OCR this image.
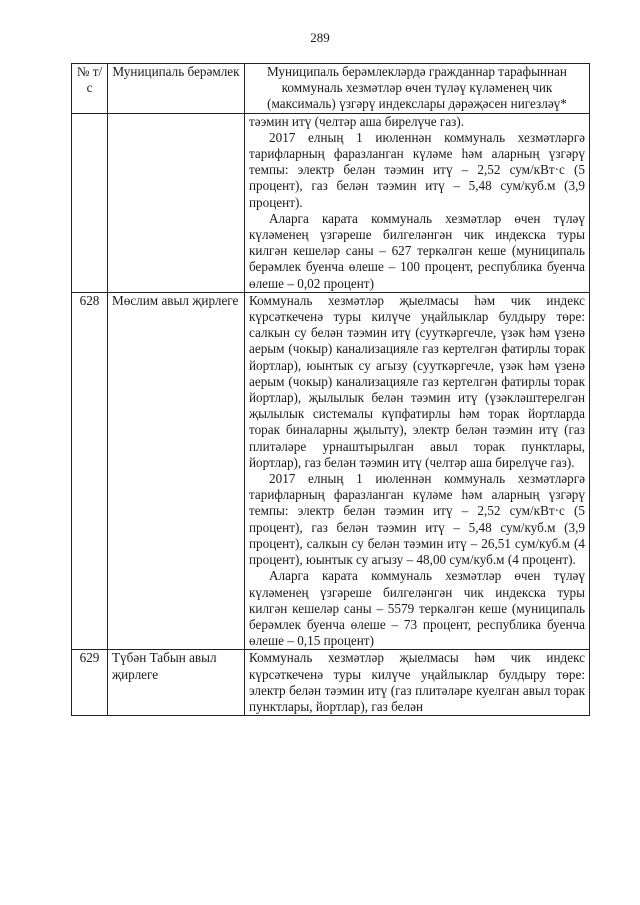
289
№ т/с	Муниципаль берәмлек	Муниципаль берәмлекләрдә гражданнар тарафыннан коммуналь хезмәтләр өчен түләү күләменең чик (максималь) үзгәрү индекслары дәрәҗәсен нигезләү*

		тәэмин итү (челтәр аша бирелүче газ).
2017 елның 1 июленнән коммуналь хезмәтләргә тарифларның фаразланган күләме һәм аларның үзгәрү темпы: электр белән тәэмин итү – 2,52 сум/кВт·с (5 процент), газ белән тәэмин итү – 5,48 сум/куб.м (3,9 процент).
Аларга карата коммуналь хезмәтләр өчен түләү күләменең үзгәреше билгеләнгән чик индекска туры килгән кешеләр саны – 627 теркәлгән кеше (муниципаль берәмлек буенча өлеше – 100 процент, республика буенча өлеше – 0,02 процент)

628	Мөслим авыл җирлеге	Коммуналь хезмәтләр җыелмасы һәм чик индекс күрсәткеченә туры килүче уңайлыклар булдыру төре: салкын су белән тәэмин итү (сууткәргечле, үзәк һәм үзенә аерым (чокыр) канализацияле газ кертелгән фатирлы торак йортлар), юынтык су агызу (сууткәргечле, үзәк һәм үзенә аерым (чокыр) канализацияле газ кертелгән фатирлы торак йортлар), җылылык белән тәэмин итү (үзәкләштерелгән җылылык системалы күпфатирлы һәм торак йортларда торак биналарны җылыту), электр белән тәэмин итү (газ плитәләре урнаштырылган авыл торак пунктлары, йортлар), газ белән тәэмин итү (челтәр аша бирелүче газ).
2017 елның 1 июленнән коммуналь хезмәтләргә тарифларның фаразланган күләме һәм аларның үзгәрү темпы: электр белән тәэмин итү – 2,52 сум/кВт·с (5 процент), газ белән тәэмин итү – 5,48 сум/куб.м (3,9 процент), салкын су белән тәэмин итү – 26,51 сум/куб.м (4 процент), юынтык су агызу – 48,00 сум/куб.м (4 процент).
Аларга карата коммуналь хезмәтләр өчен түләү күләменең үзгәреше билгеләнгән чик индекска туры килгән кешеләр саны – 5579 теркәлгән кеше (муниципаль берәмлек буенча өлеше – 73 процент, республика буенча өлеше – 0,15 процент)

629	Түбән Табын авыл җирлеге	Коммуналь хезмәтләр җыелмасы һәм чик индекс күрсәткеченә туры килүче уңайлыклар булдыру төре: электр белән тәэмин итү (газ плитәләре куелган авыл торак пунктлары, йортлар), газ белән
